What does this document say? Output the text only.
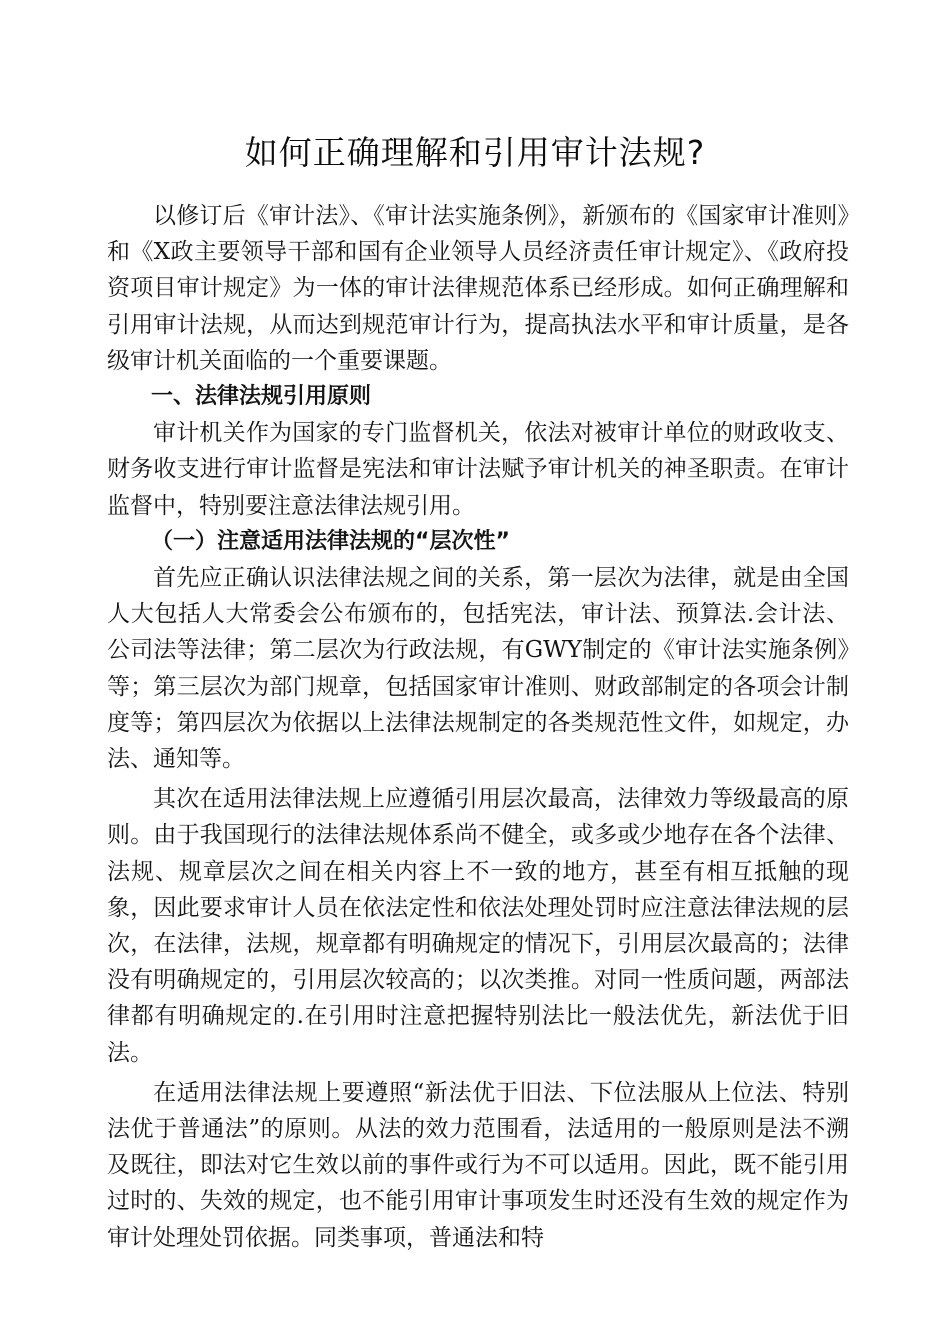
如何正确理解和引用审计法规?

以修订后《审计法》、《审计法实施条例》，新颁布的《国家审计准则》和《X政主要领导干部和国有企业领导人员经济责任审计规定》、《政府投资项目审计规定》为一体的审计法律规范体系已经形成。如何正确理解和引用审计法规，从而达到规范审计行为，提高执法水平和审计质量，是各级审计机关面临的一个重要课题。

一、法律法规引用原则

审计机关作为国家的专门监督机关，依法对被审计单位的财政收支、财务收支进行审计监督是宪法和审计法赋予审计机关的神圣职责。在审计监督中，特别要注意法律法规引用。

（一）注意适用法律法规的“层次性”

首先应正确认识法律法规之间的关系，第一层次为法律，就是由全国人大包括人大常委会公布颁布的，包括宪法，审计法、预算法.会计法、公司法等法律；第二层次为行政法规，有GWY制定的《审计法实施条例》等；第三层次为部门规章，包括国家审计准则、财政部制定的各项会计制度等；第四层次为依据以上法律法规制定的各类规范性文件，如规定，办法、通知等。

其次在适用法律法规上应遵循引用层次最高，法律效力等级最高的原则。由于我国现行的法律法规体系尚不健全，或多或少地存在各个法律、法规、规章层次之间在相关内容上不一致的地方，甚至有相互抵触的现象，因此要求审计人员在依法定性和依法处理处罚时应注意法律法规的层次，在法律，法规，规章都有明确规定的情况下，引用层次最高的；法律没有明确规定的，引用层次较高的；以次类推。对同一性质问题，两部法律都有明确规定的.在引用时注意把握特别法比一般法优先，新法优于旧法。

在适用法律法规上要遵照“新法优于旧法、下位法服从上位法、特别法优于普通法”的原则。从法的效力范围看，法适用的一般原则是法不溯及既往，即法对它生效以前的事件或行为不可以适用。因此，既不能引用过时的、失效的规定，也不能引用审计事项发生时还没有生效的规定作为审计处理处罚依据。同类事项，普通法和特
